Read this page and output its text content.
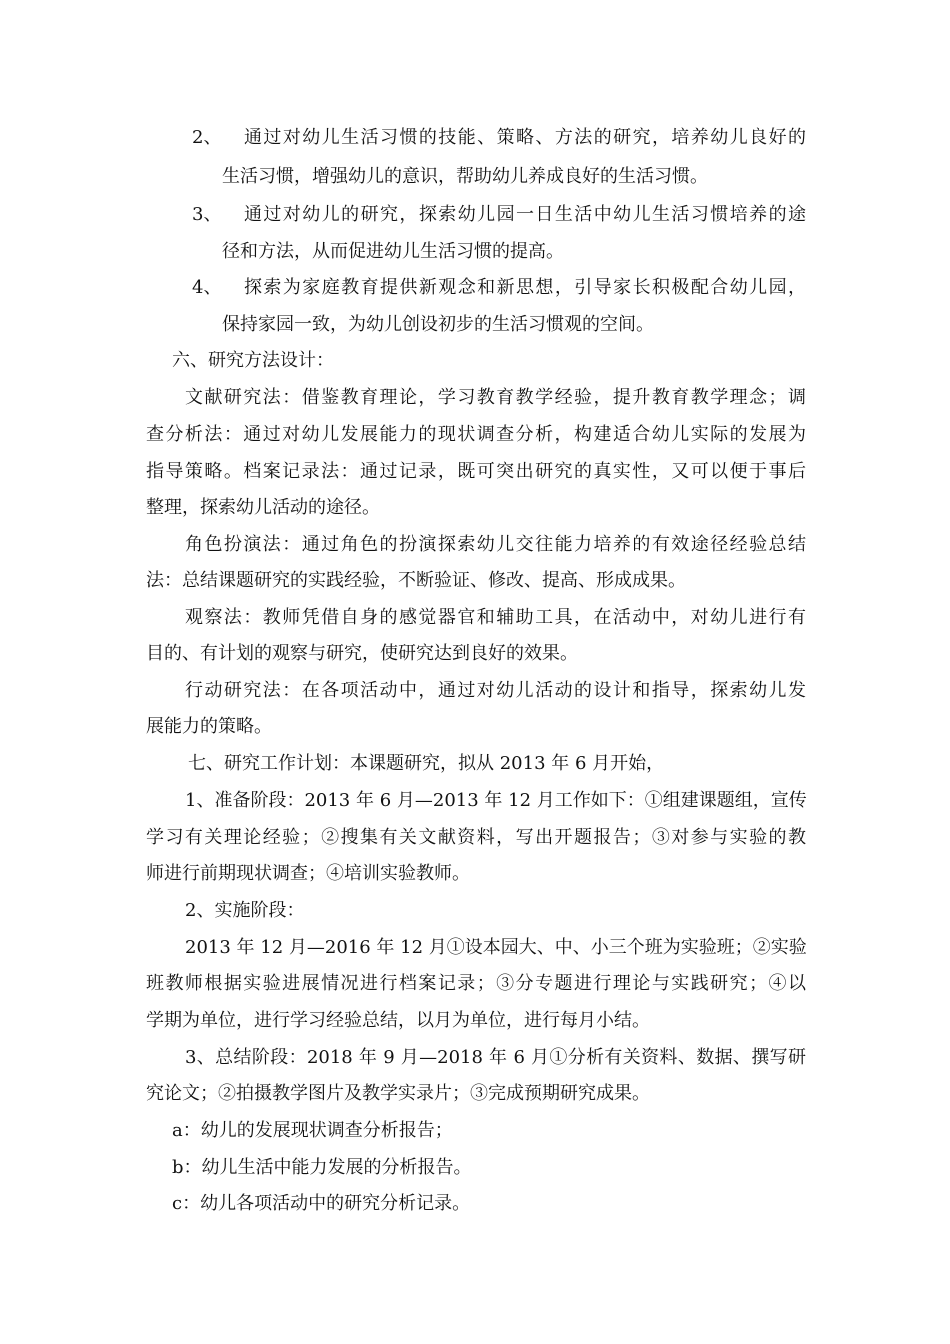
2、 通过对幼儿生活习惯的技能、策略、方法的研究，培养幼儿良好的
生活习惯，增强幼儿的意识，帮助幼儿养成良好的生活习惯。
3、 通过对幼儿的研究，探索幼儿园一日生活中幼儿生活习惯培养的途
径和方法，从而促进幼儿生活习惯的提高。
4、 探索为家庭教育提供新观念和新思想，引导家长积极配合幼儿园，
保持家园一致，为幼儿创设初步的生活习惯观的空间。
六、研究方法设计：
文献研究法：借鉴教育理论，学习教育教学经验，提升教育教学理念；调
查分析法：通过对幼儿发展能力的现状调查分析，构建适合幼儿实际的发展为
指导策略。档案记录法：通过记录，既可突出研究的真实性，又可以便于事后
整理，探索幼儿活动的途径。
角色扮演法：通过角色的扮演探索幼儿交往能力培养的有效途径经验总结
法：总结课题研究的实践经验，不断验证、修改、提高、形成成果。
观察法：教师凭借自身的感觉器官和辅助工具，在活动中，对幼儿进行有
目的、有计划的观察与研究，使研究达到良好的效果。
行动研究法：在各项活动中，通过对幼儿活动的设计和指导，探索幼儿发
展能力的策略。
七、研究工作计划：本课题研究，拟从 2013 年 6 月开始，
1、准备阶段：2013 年 6 月—2013 年 12 月工作如下：①组建课题组，宣传
学习有关理论经验；②搜集有关文献资料，写出开题报告；③对参与实验的教
师进行前期现状调查；④培训实验教师。
2、实施阶段：
2013 年 12 月—2016 年 12 月①设本园大、中、小三个班为实验班；②实验
班教师根据实验进展情况进行档案记录；③分专题进行理论与实践研究；④以
学期为单位，进行学习经验总结，以月为单位，进行每月小结。
3、总结阶段：2018 年 9 月—2018 年 6 月①分析有关资料、数据、撰写研
究论文；②拍摄教学图片及教学实录片；③完成预期研究成果。
a：幼儿的发展现状调查分析报告；
b：幼儿生活中能力发展的分析报告。
c：幼儿各项活动中的研究分析记录。
